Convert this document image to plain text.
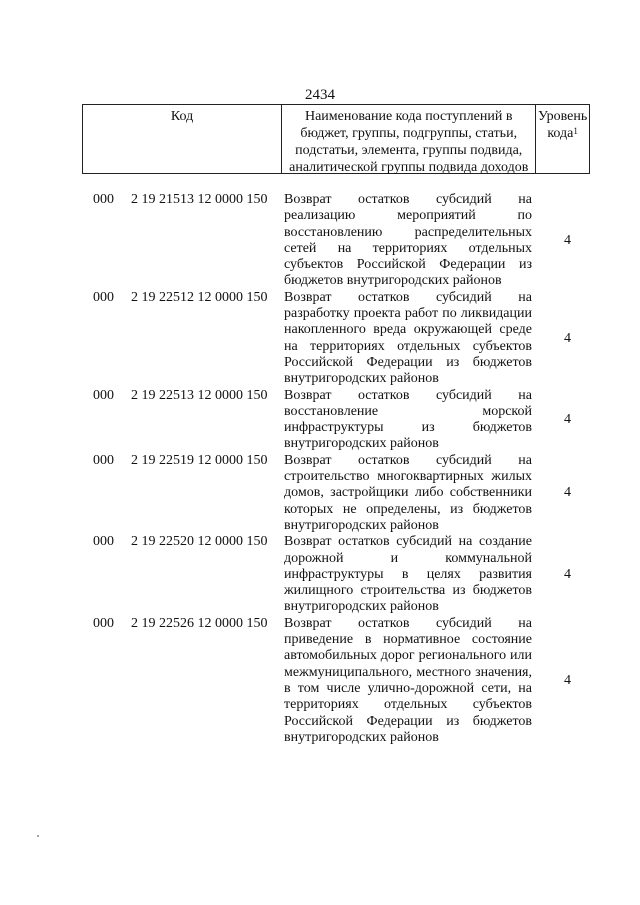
2434
Код	Наименование кода поступлений в бюджет, группы, подгруппы, статьи, подстатьи, элемента, группы подвида, аналитической группы подвида доходов
Уровень кода$^1$
000 2 19 21513 12 0000 150 Возврат остатков субсидий на реализацию мероприятий по восстановлению распределительных сетей на территориях отдельных субъектов Российской Федерации из бюджетов внутригородских районов
4
000 2 19 22512 12 0000 150 Возврат остатков субсидий на разработку проекта работ по ликвидации накопленного вреда окружающей среде на территориях отдельных субъектов Российской Федерации из бюджетов внутригородских районов
4
000 2 19 22513 12 0000 150 Возврат остатков субсидий на восстановление морской инфраструктуры из бюджетов внутригородских районов
4
000 2 19 22519 12 0000 150 Возврат остатков субсидий на строительство многоквартирных жилых домов, застройщики либо собственники которых не определены, из бюджетов внутригородских районов
4
000 2 19 22520 12 0000 150 Возврат остатков субсидий на создание дорожной и коммунальной инфраструктуры в целях развития жилищного строительства из бюджетов внутригородских районов
4
000 2 19 22526 12 0000 150 Возврат остатков субсидий на приведение в нормативное состояние автомобильных дорог регионального или межмуниципального, местного значения, в том числе улично-дорожной сети, на территориях отдельных субъектов Российской Федерации из бюджетов внутригородских районов
4
